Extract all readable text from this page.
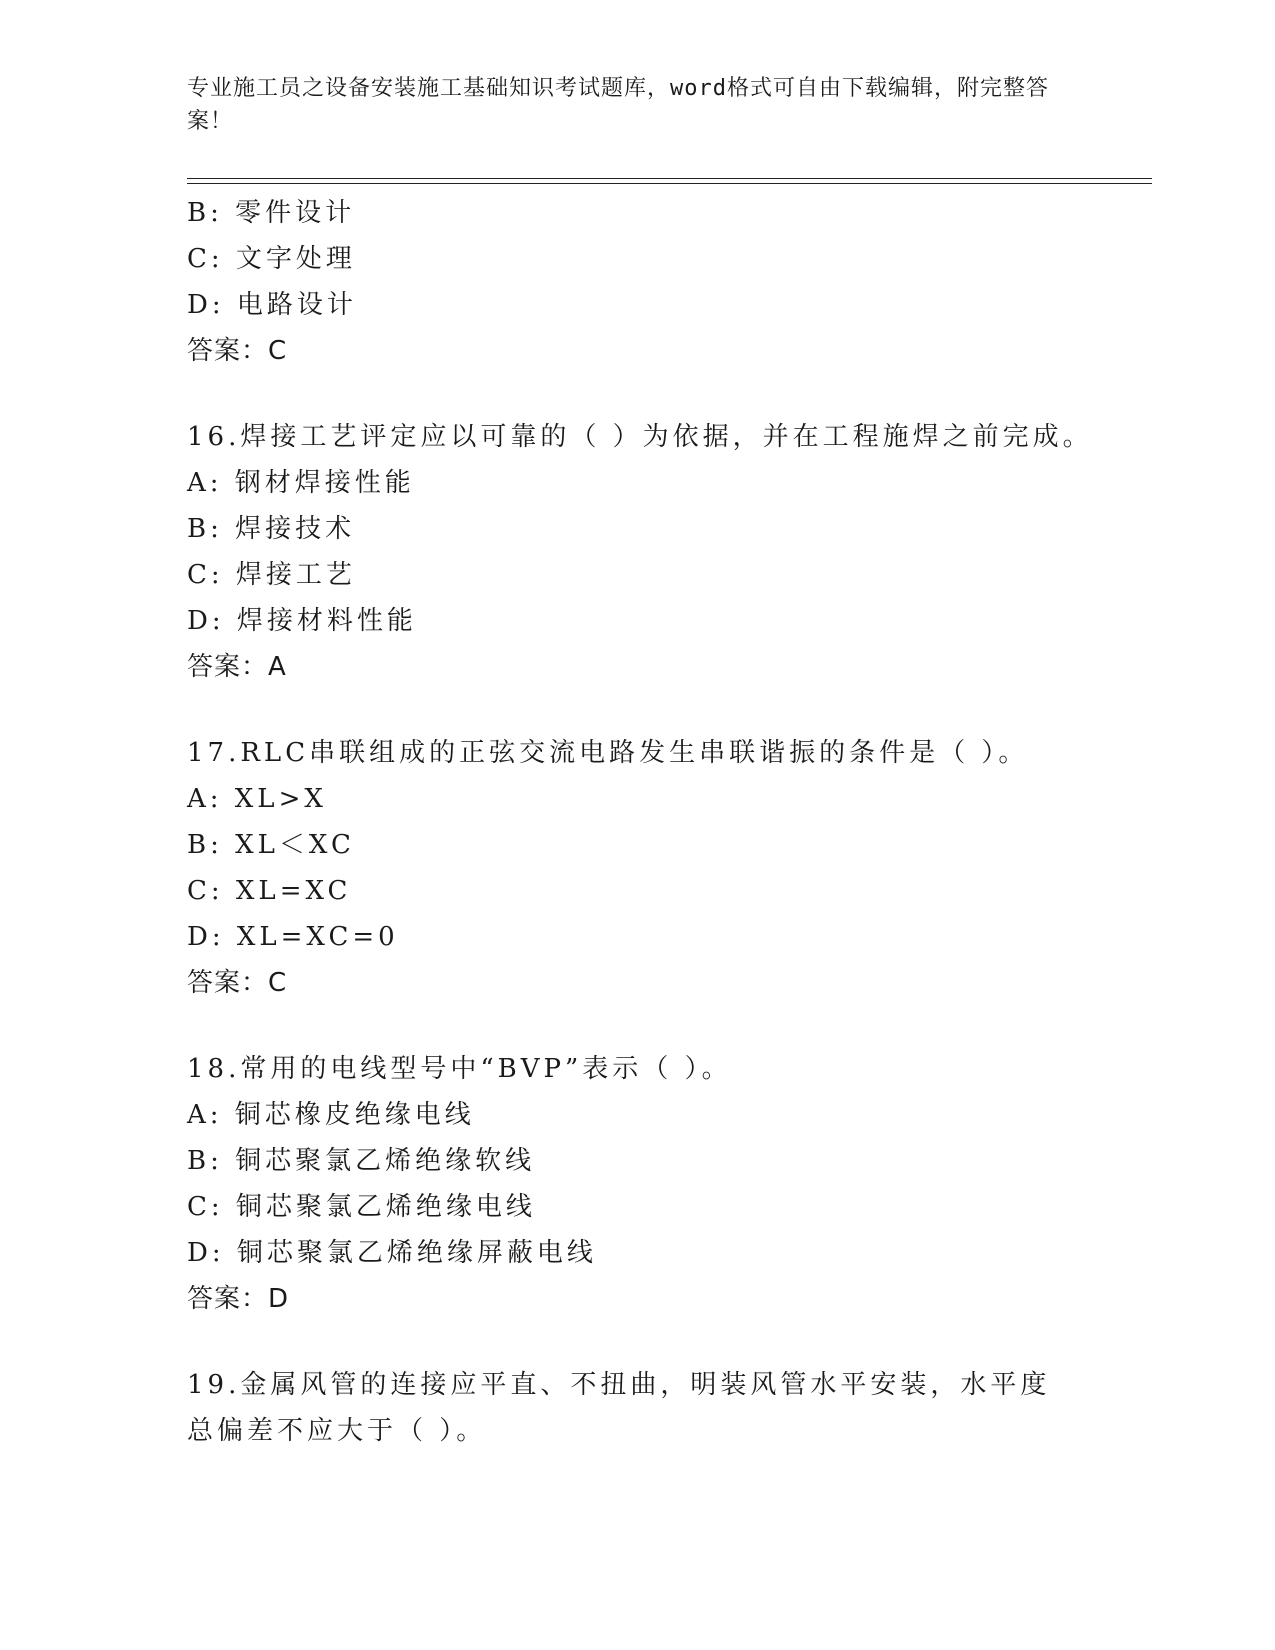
专业施工员之设备安装施工基础知识考试题库，word格式可自由下载编辑，附完整答案！
B: 零件设计
C: 文字处理
D: 电路设计
答案：C
16.焊接工艺评定应以可靠的（ ）为依据，并在工程施焊之前完成。
A: 钢材焊接性能
B: 焊接技术
C: 焊接工艺
D: 焊接材料性能
答案：A
17.RLC串联组成的正弦交流电路发生串联谐振的条件是（ ）。
A: XL>X
B: XL＜XC
C: XL=XC
D: XL=XC=0
答案：C
18.常用的电线型号中“BVP”表示（ ）。
A: 铜芯橡皮绝缘电线
B: 铜芯聚氯乙烯绝缘软线
C: 铜芯聚氯乙烯绝缘电线
D: 铜芯聚氯乙烯绝缘屏蔽电线
答案：D
19.金属风管的连接应平直、不扭曲，明装风管水平安装，水平度总偏差不应大于（ ）。
